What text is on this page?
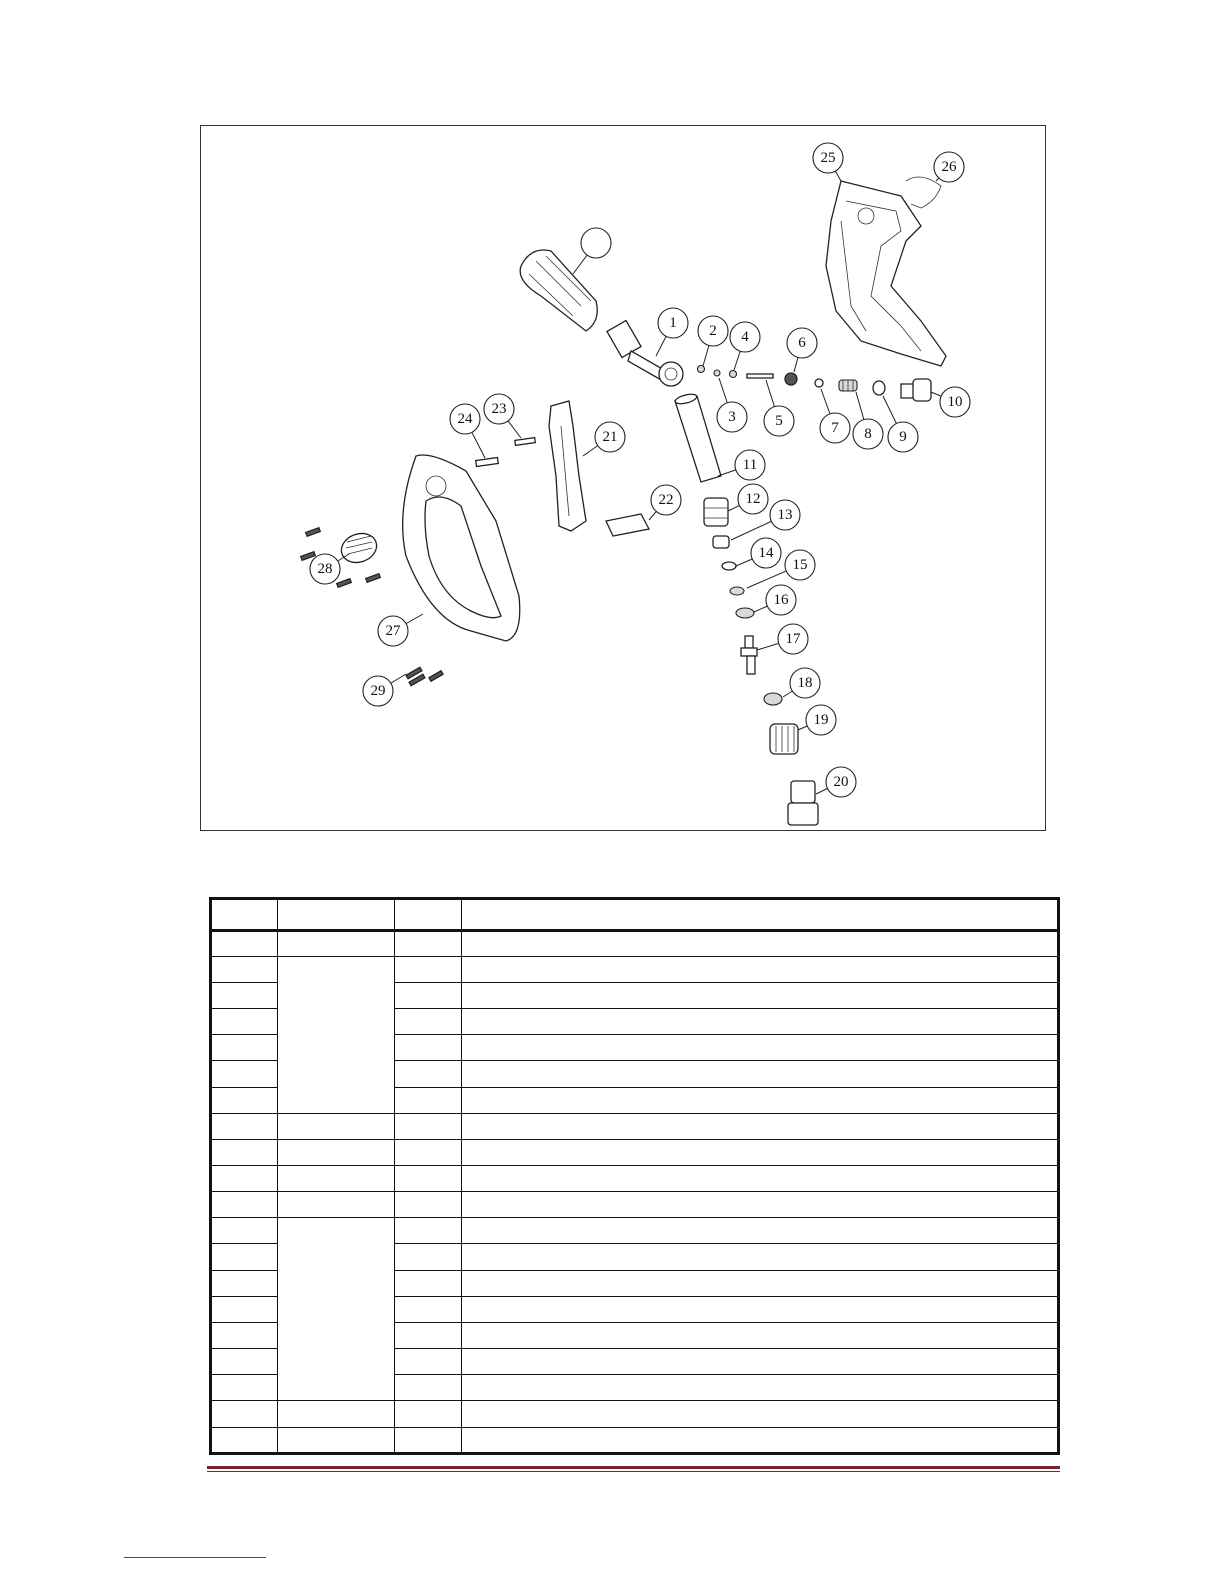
1 2
3
4
5
6
7 8 9
10
11
12
13
14
15
16
17
18
19
20
21
22
23
24
25
26
27
28
29
